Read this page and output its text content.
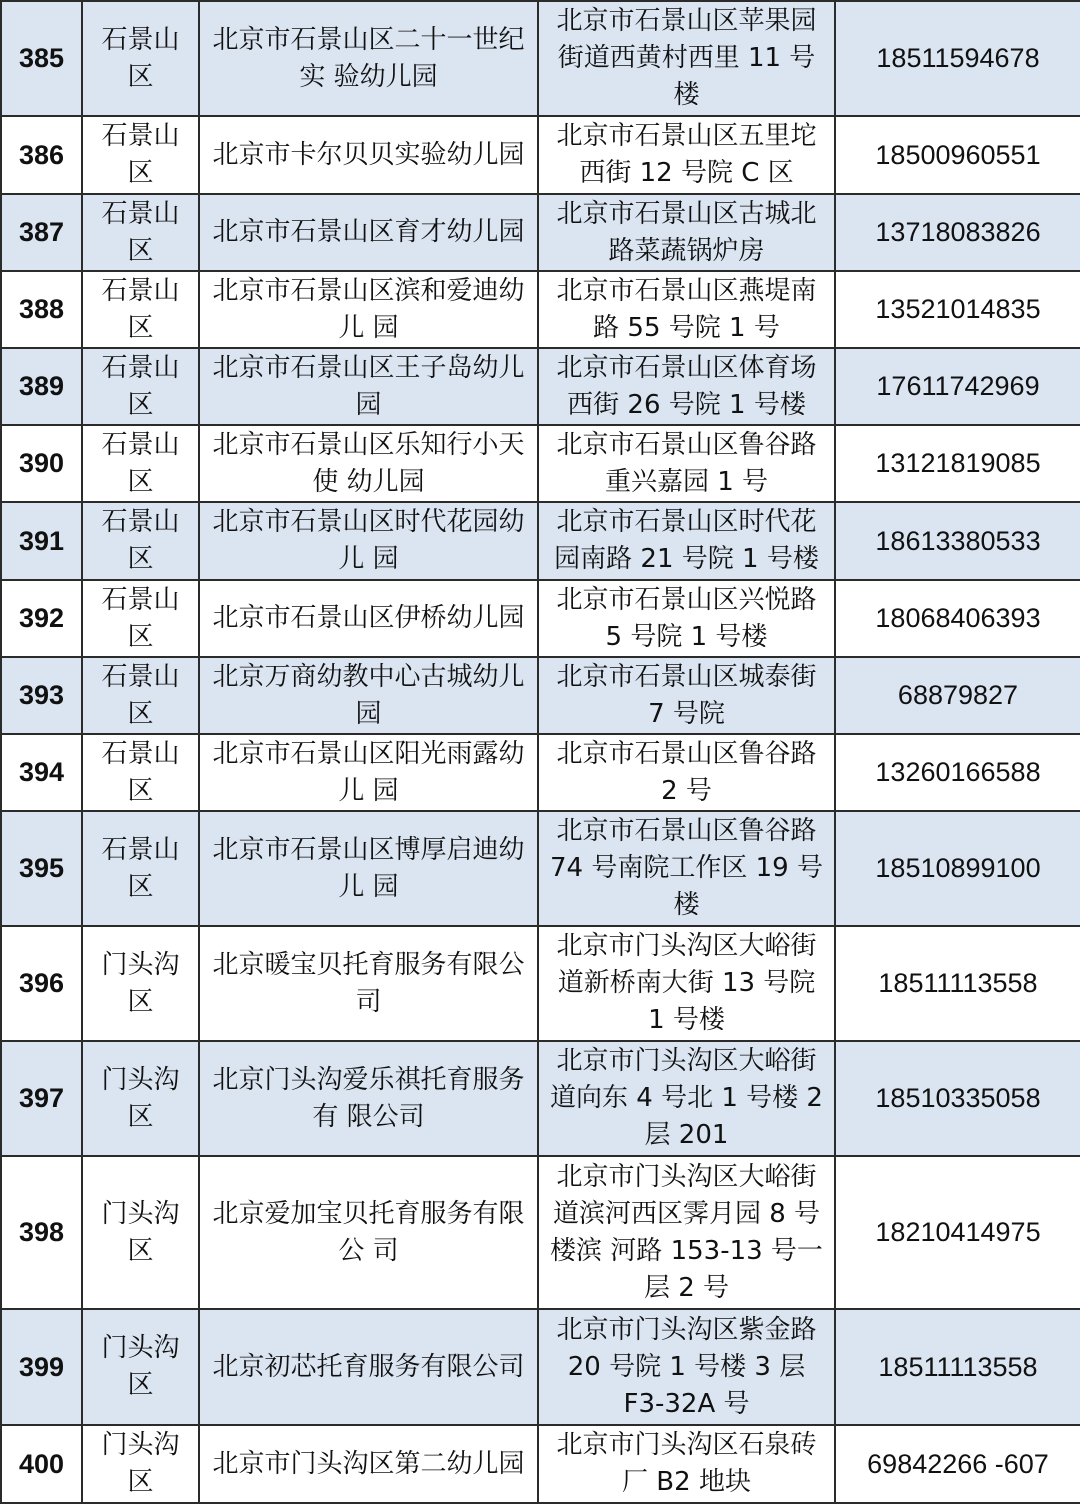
385	石景山区	北京市石景山区二十一世纪实 验幼儿园	北京市石景山区苹果园街道西黄村西里 11 号楼	18511594678
386	石景山区	北京市卡尔贝贝实验幼儿园	北京市石景山区五里坨西街 12 号院 C 区	18500960551
387	石景山区	北京市石景山区育才幼儿园	北京市石景山区古城北路菜蔬锅炉房	13718083826
388	石景山区	北京市石景山区滨和爱迪幼儿 园	北京市石景山区燕堤南路 55 号院 1 号	13521014835
389	石景山区	北京市石景山区王子岛幼儿园	北京市石景山区体育场西街 26 号院 1 号楼	17611742969
390	石景山区	北京市石景山区乐知行小天使 幼儿园	北京市石景山区鲁谷路重兴嘉园 1 号	13121819085
391	石景山区	北京市石景山区时代花园幼儿 园	北京市石景山区时代花园南路 21 号院 1 号楼	18613380533
392	石景山区	北京市石景山区伊桥幼儿园	北京市石景山区兴悦路 5 号院 1 号楼	18068406393
393	石景山区	北京万商幼教中心古城幼儿园	北京市石景山区城泰街 7 号院	68879827
394	石景山区	北京市石景山区阳光雨露幼儿 园	北京市石景山区鲁谷路 2 号	13260166588
395	石景山区	北京市石景山区博厚启迪幼儿 园	北京市石景山区鲁谷路 74 号南院工作区 19 号楼	18510899100
396	门头沟区	北京暖宝贝托育服务有限公司	北京市门头沟区大峪街道新桥南大街 13 号院 1 号楼	18511113558
397	门头沟区	北京门头沟爱乐祺托育服务有 限公司	北京市门头沟区大峪街道向东 4 号北 1 号楼 2 层 201	18510335058
398	门头沟区	北京爱加宝贝托育服务有限公 司	北京市门头沟区大峪街道滨河西区霁月园 8 号楼滨 河路 153-13 号一层 2 号	18210414975
399	门头沟区	北京初芯托育服务有限公司	北京市门头沟区紫金路 20 号院 1 号楼 3 层 F3-32A 号	18511113558
400	门头沟区	北京市门头沟区第二幼儿园	北京市门头沟区石泉砖厂 B2 地块	69842266 -607
